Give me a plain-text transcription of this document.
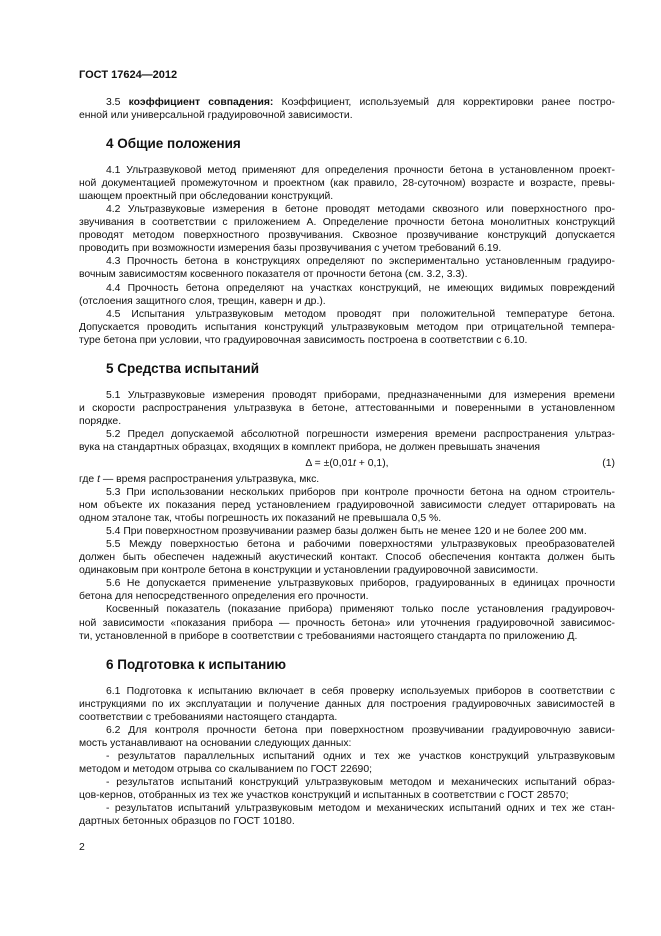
ГОСТ 17624—2012
3.5 коэффициент совпадения: Коэффициент, используемый для корректировки ранее постро-
енной или универсальной градуировочной зависимости.
4 Общие положения
4.1 Ультразвуковой метод применяют для определения прочности бетона в установленном проект-
ной документацией промежуточном и проектном (как правило, 28-суточном) возрасте и возрасте, превы-
шающем проектный при обследовании конструкций.
4.2 Ультразвуковые измерения в бетоне проводят методами сквозного или поверхностного про-
звучивания в соответствии с приложением А. Определение прочности бетона монолитных конструкций
проводят методом поверхностного прозвучивания. Сквозное прозвучивание конструкций допускается
проводить при возможности измерения базы прозвучивания с учетом требований 6.19.
4.3 Прочность бетона в конструкциях определяют по экспериментально установленным градуиро-
вочным зависимостям косвенного показателя от прочности бетона (см. 3.2, 3.3).
4.4 Прочность бетона определяют на участках конструкций, не имеющих видимых повреждений
(отслоения защитного слоя, трещин, каверн и др.).
4.5 Испытания ультразвуковым методом проводят при положительной температуре бетона.
Допускается проводить испытания конструкций ультразвуковым методом при отрицательной темпера-
туре бетона при условии, что градуировочная зависимость построена в соответствии с 6.10.
5 Средства испытаний
5.1 Ультразвуковые измерения проводят приборами, предназначенными для измерения времени
и скорости распространения ультразвука в бетоне, аттестованными и поверенными в установленном
порядке.
5.2 Предел допускаемой абсолютной погрешности измерения времени распространения ультраз-
вука на стандартных образцах, входящих в комплект прибора, не должен превышать значения
Δ = ±(0,01t + 0,1),	(1)
где t — время распространения ультразвука, мкс.
5.3 При использовании нескольких приборов при контроле прочности бетона на одном строитель-
ном объекте их показания перед установлением градуировочной зависимости следует оттарировать на
одном эталоне так, чтобы погрешность их показаний не превышала 0,5 %.
5.4 При поверхностном прозвучивании размер базы должен быть не менее 120 и не более 200 мм.
5.5 Между поверхностью бетона и рабочими поверхностями ультразвуковых преобразователей
должен быть обеспечен надежный акустический контакт. Способ обеспечения контакта должен быть
одинаковым при контроле бетона в конструкции и установлении градуировочной зависимости.
5.6 Не допускается применение ультразвуковых приборов, градуированных в единицах прочности
бетона для непосредственного определения его прочности.
Косвенный показатель (показание прибора) применяют только после установления градуировоч-
ной зависимости «показания прибора — прочность бетона» или уточнения градуировочной зависимос-
ти, установленной в приборе в соответствии с требованиями настоящего стандарта по приложению Д.
6 Подготовка к испытанию
6.1 Подготовка к испытанию включает в себя проверку используемых приборов в соответствии с
инструкциями по их эксплуатации и получение данных для построения градуировочных зависимостей в
соответствии с требованиями настоящего стандарта.
6.2 Для контроля прочности бетона при поверхностном прозвучивании градуировочную зависи-
мость устанавливают на основании следующих данных:
- результатов параллельных испытаний одних и тех же участков конструкций ультразвуковым
методом и методом отрыва со скалыванием по ГОСТ 22690;
- результатов испытаний конструкций ультразвуковым методом и механических испытаний образ-
цов-кернов, отобранных из тех же участков конструкций и испытанных в соответствии с ГОСТ 28570;
- результатов испытаний ультразвуковым методом и механических испытаний одних и тех же стан-
дартных бетонных образцов по ГОСТ 10180.
2
